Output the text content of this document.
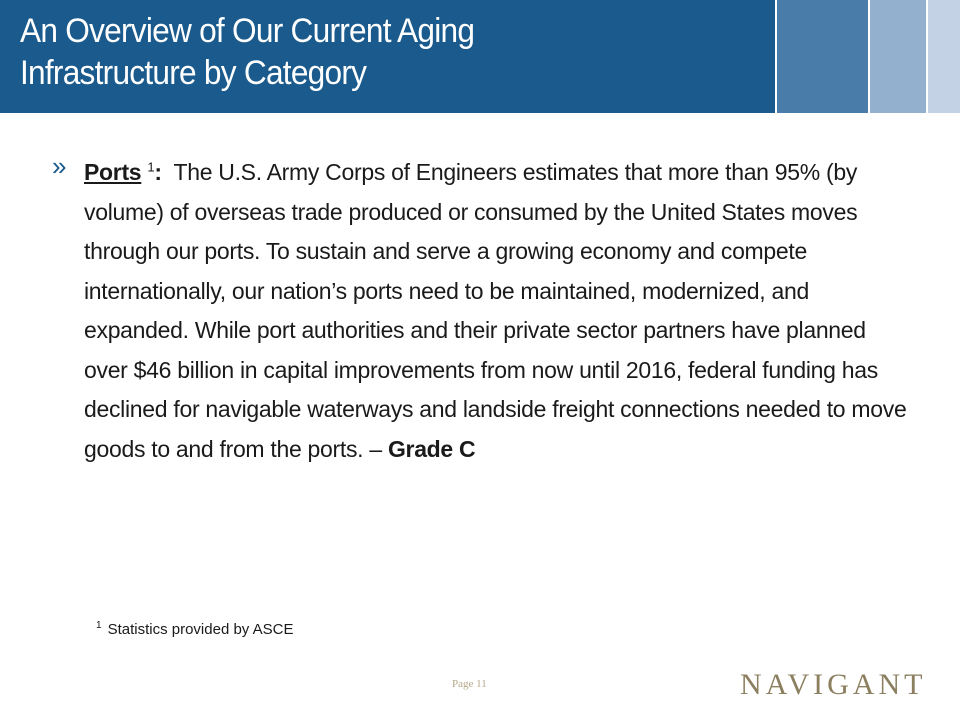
An Overview of Our Current Aging
Infrastructure by Category
» Ports $^1$: The U.S. Army Corps of Engineers estimates that more than 95% (by volume) of overseas trade produced or consumed by the United States moves through our ports. To sustain and serve a growing economy and compete internationally, our nation’s ports need to be maintained, modernized, and expanded. While port authorities and their private sector partners have planned over $46 billion in capital improvements from now until 2016, federal funding has declined for navigable waterways and landside freight connections needed to move goods to and from the ports. – Grade C
$^1$ Statistics provided by ASCE
Page 11	NAVIGANT
